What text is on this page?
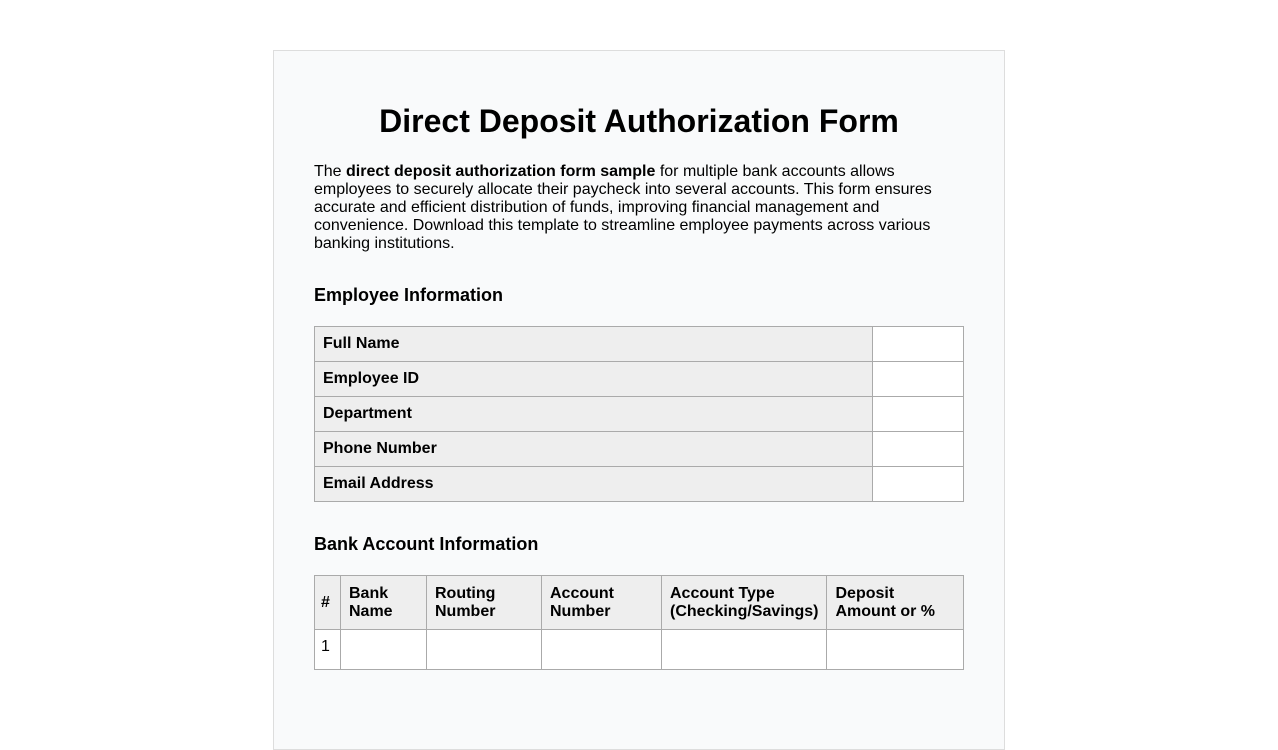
Direct Deposit Authorization Form

The direct deposit authorization form sample for multiple bank accounts allows employees to securely allocate their paycheck into several accounts. This form ensures accurate and efficient distribution of funds, improving financial management and convenience. Download this template to streamline employee payments across various banking institutions.

Employee Information
Full Name	
Employee ID	
Department	
Phone Number	
Email Address	
Bank Account Information
#	Bank Name	Routing Number	Account Number	Account Type (Checking/Savings)	Deposit Amount or %
1					
